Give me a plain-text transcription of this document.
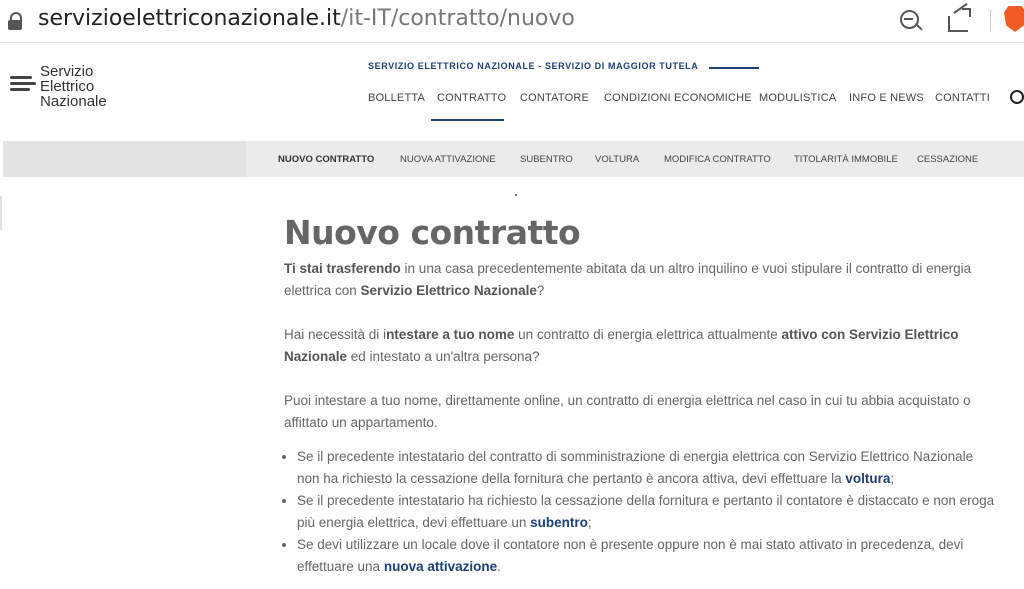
servizioelettriconazionale.it/it-IT/contratto/nuovo
Servizio
Elettrico
Nazionale
SERVIZIO ELETTRICO NAZIONALE - SERVIZIO DI MAGGIOR TUTELA
BOLLETTA CONTRATTO CONTATORE CONDIZIONI ECONOMICHE MODULISTICA INFO E NEWS CONTATTI
NUOVO CONTRATTO	NUOVA ATTIVAZIONE	SUBENTRO VOLTURA	MODIFICA CONTRATTO TITOLARITÀ IMMOBILE CESSAZIONE
Nuovo contratto
Ti stai trasferendo in una casa precedentemente abitata da un altro inquilino e vuoi stipulare il contratto di energia elettrica con Servizio Elettrico Nazionale?
Hai necessità di intestare a tuo nome un contratto di energia elettrica attualmente attivo con Servizio Elettrico Nazionale ed intestato a un'altra persona?
Puoi intestare a tuo nome, direttamente online, un contratto di energia elettrica nel caso in cui tu abbia acquistato o affittato un appartamento.
• Se il precedente intestatario del contratto di somministrazione di energia elettrica con Servizio Elettrico Nazionale non ha richiesto la cessazione della fornitura che pertanto è ancora attiva, devi effettuare la voltura;
• Se il precedente intestatario ha richiesto la cessazione della fornitura e pertanto il contatore è distaccato e non eroga più energia elettrica, devi effettuare un subentro;
• Se devi utilizzare un locale dove il contatore non è presente oppure non è mai stato attivato in precedenza, devi effettuare una nuova attivazione.
